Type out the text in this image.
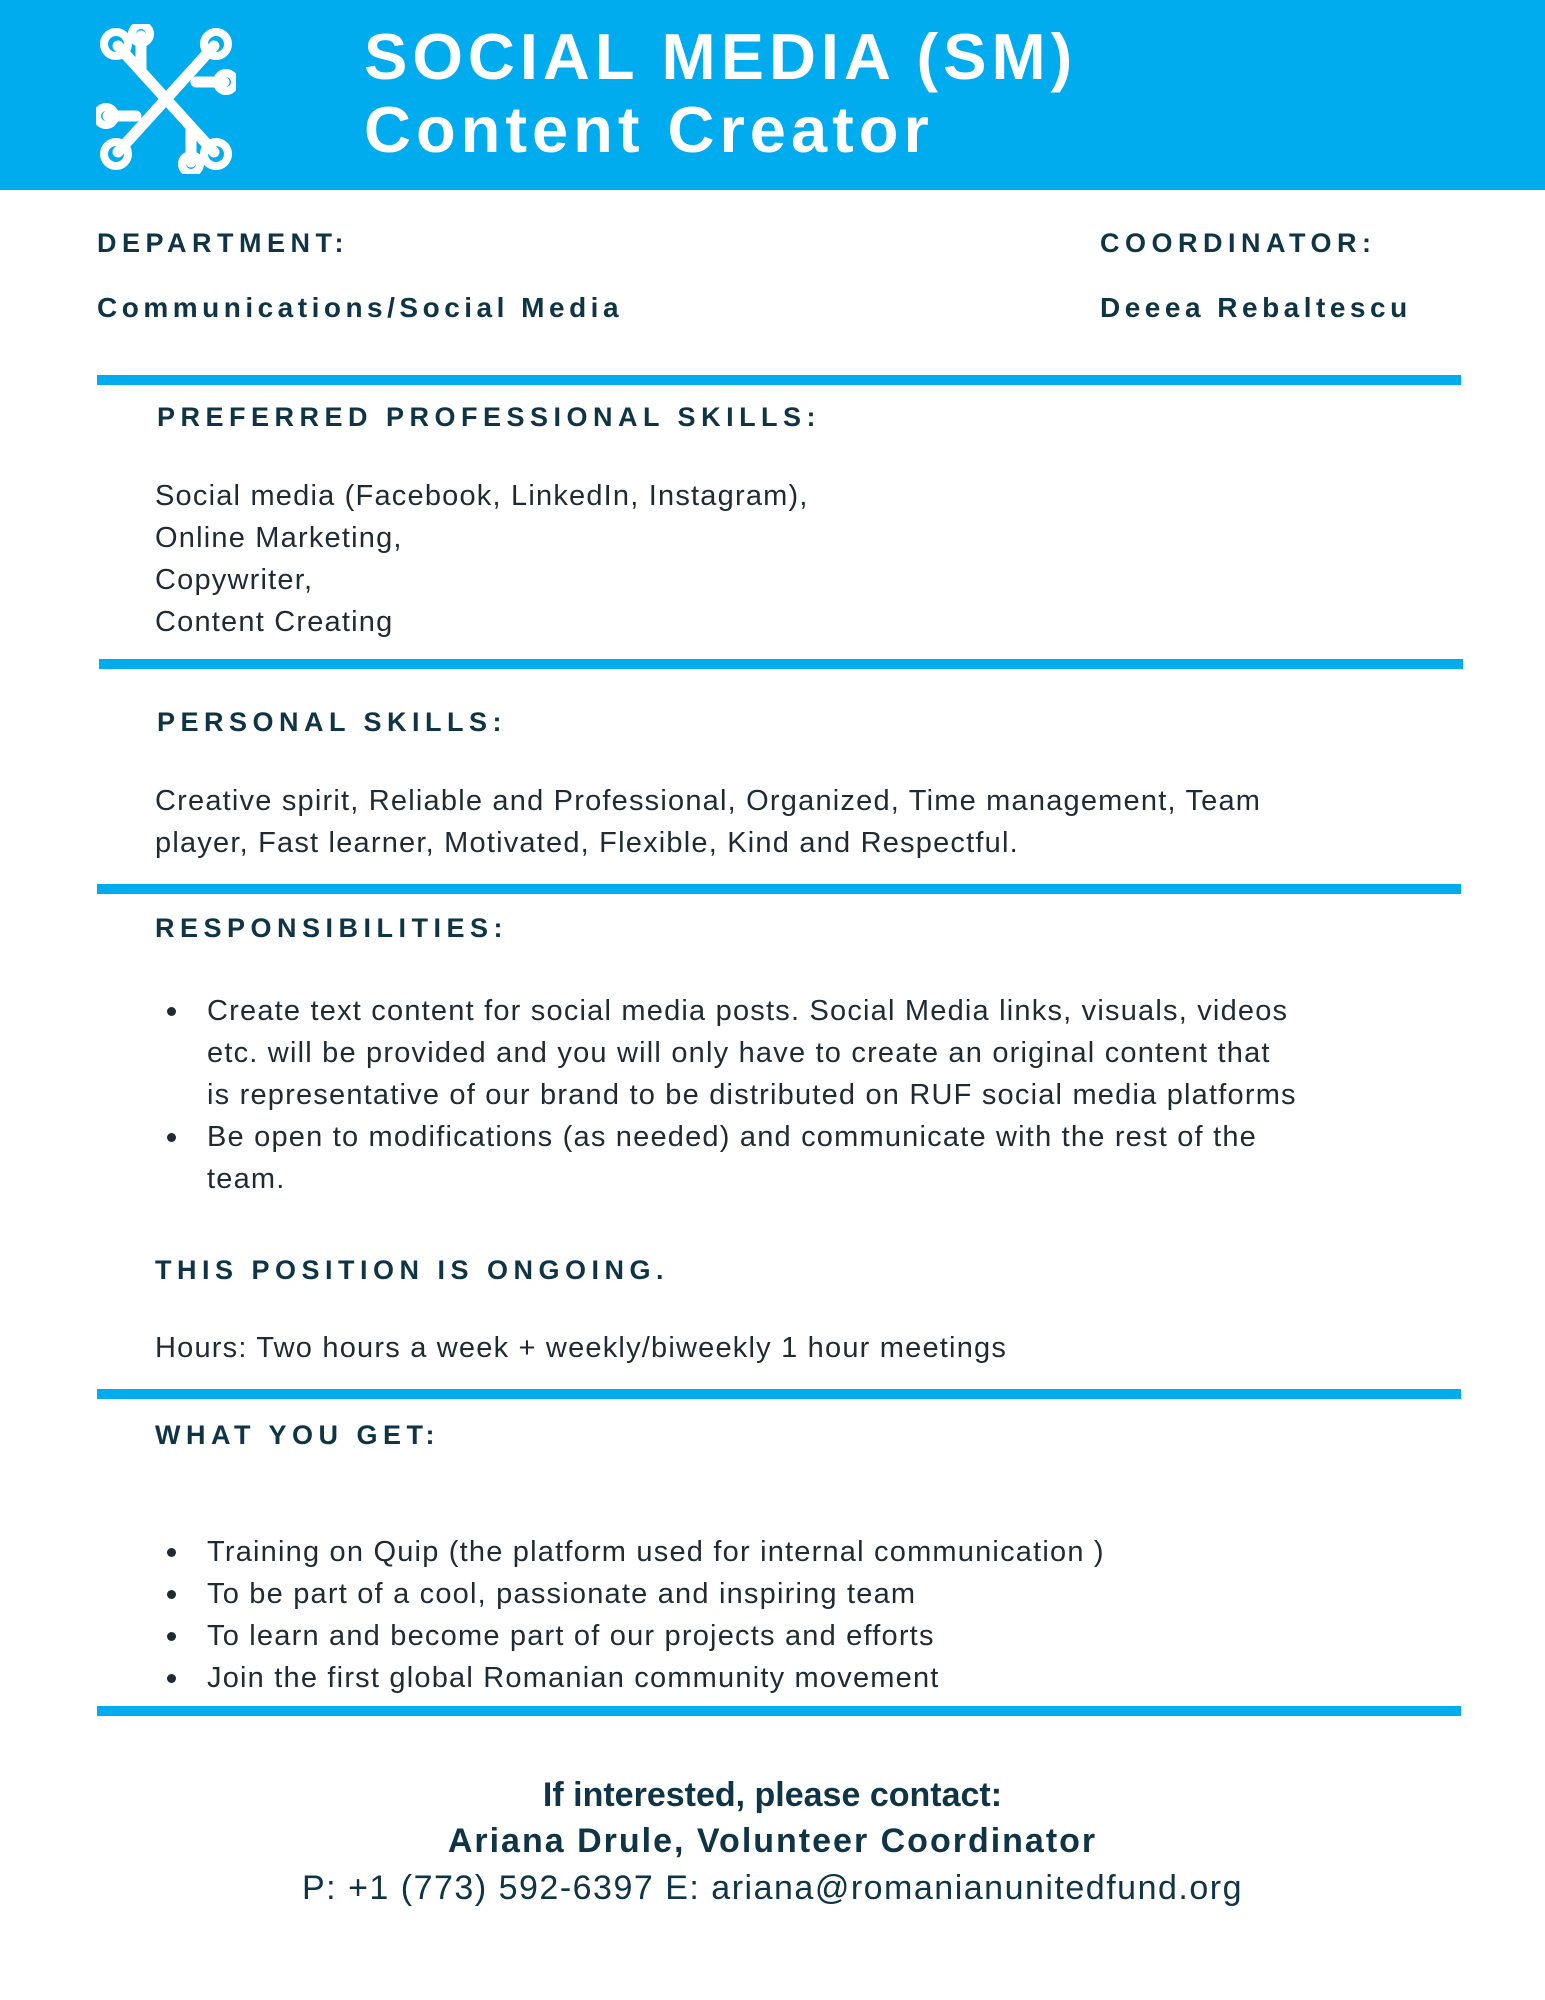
SOCIAL MEDIA (SM)
Content Creator
DEPARTMENT:
Communications/Social Media
COORDINATOR:
Deeea Rebaltescu
PREFERRED PROFESSIONAL SKILLS:
Social media (Facebook, LinkedIn, Instagram),
Online Marketing,
Copywriter,
Content Creating
PERSONAL SKILLS:
Creative spirit, Reliable and Professional, Organized, Time management, Team
player, Fast learner, Motivated, Flexible, Kind and Respectful.
RESPONSIBILITIES:
Create text content for social media posts. Social Media links, visuals, videos
etc. will be provided and you will only have to create an original content that
is representative of our brand to be distributed on RUF social media platforms
Be open to modifications (as needed) and communicate with the rest of the
team.
THIS POSITION IS ONGOING.
Hours: Two hours a week + weekly/biweekly 1 hour meetings
WHAT YOU GET:
Training on Quip (the platform used for internal communication )
To be part of a cool, passionate and inspiring team
To learn and become part of our projects and efforts
Join the first global Romanian community movement
If interested, please contact:
Ariana Drule, Volunteer Coordinator
P: +1 (773) 592-6397 E: ariana@romanianunitedfund.org
